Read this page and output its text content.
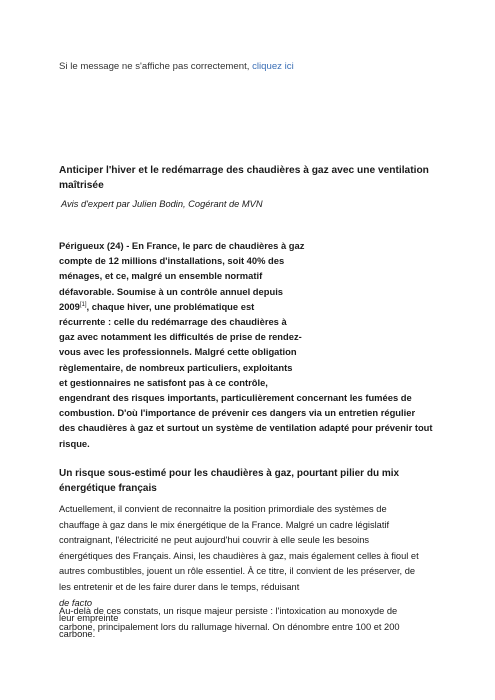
Si le message ne s'affiche pas correctement, cliquez ici
Anticiper l'hiver et le redémarrage des chaudières à gaz avec une ventilation maîtrisée
Avis d'expert par Julien Bodin, Cogérant de MVN
Périgueux (24) - En France, le parc de chaudières à gaz
compte de 12 millions d'installations, soit 40% des
ménages, et ce, malgré un ensemble normatif
défavorable. Soumise à un contrôle annuel depuis
2009[1], chaque hiver, une problématique est
récurrente : celle du redémarrage des chaudières à
gaz avec notamment les difficultés de prise de rendez-
vous avec les professionnels. Malgré cette obligation
règlementaire, de nombreux particuliers, exploitants
et gestionnaires ne satisfont pas à ce contrôle,
engendrant des risques importants, particulièrement concernant les fumées de
combustion. D'où l'importance de prévenir ces dangers via un entretien régulier
des chaudières à gaz et surtout un système de ventilation adapté pour prévenir tout
risque.
Un risque sous-estimé pour les chaudières à gaz, pourtant pilier du mix énergétique français
Actuellement, il convient de reconnaitre la position primordiale des systèmes de
chauffage à gaz dans le mix énergétique de la France. Malgré un cadre législatif
contraignant, l'électricité ne peut aujourd'hui couvrir à elle seule les besoins
énergétiques des Français. Ainsi, les chaudières à gaz, mais également celles à fioul et
autres combustibles, jouent un rôle essentiel. À ce titre, il convient de les préserver, de
les entretenir et de les faire durer dans le temps, réduisant
de facto
leur empreinte
carbone.
Au-delà de ces constats, un risque majeur persiste : l'intoxication au monoxyde de
carbone, principalement lors du rallumage hivernal. On dénombre entre 100 et 200
